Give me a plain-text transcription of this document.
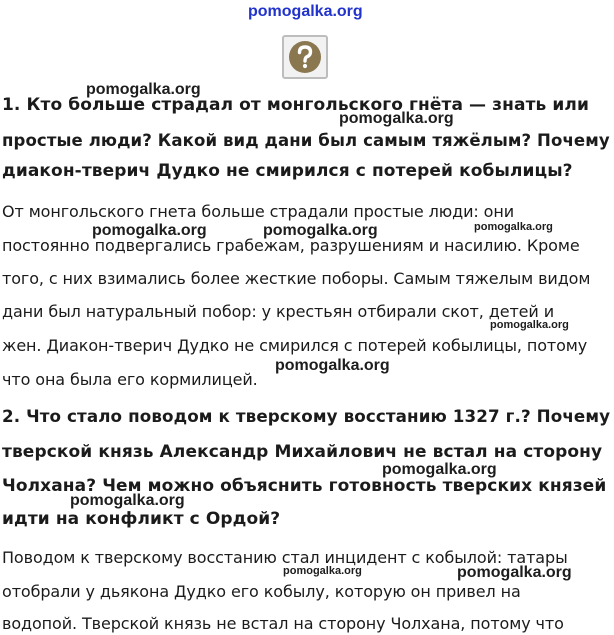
pomogalka.org
pomogalka.org
pomogalka.org
pomogalka.org	pomogalka.org	pomogalka.org
pomogalka.org
pomogalka.org
pomogalka.org
pomogalka.org
pomogalka.org	pomogalka.org
1. Кто больше страдал от монгольского гнёта — знать или
простые люди? Какой вид дани был самым тяжёлым? Почему
диакон-тверич Дудко не смирился с потерей кобылицы?
От монгольского гнета больше страдали простые люди: они
постоянно подвергались грабежам, разрушениям и насилию. Кроме
того, с них взимались более жесткие поборы. Самым тяжелым видом
дани был натуральный побор: у крестьян отбирали скот, детей и
жен. Диакон-тверич Дудко не смирился с потерей кобылицы, потому
что она была его кормилицей.
2. Что стало поводом к тверскому восстанию 1327 г.? Почему
тверской князь Александр Михайлович не встал на сторону
Чолхана? Чем можно объяснить готовность тверских князей
идти на конфликт с Ордой?
Поводом к тверскому восстанию стал инцидент с кобылой: татары
отобрали у дьякона Дудко его кобылу, которую он привел на
водопой. Тверской князь не встал на сторону Чолхана, потому что
